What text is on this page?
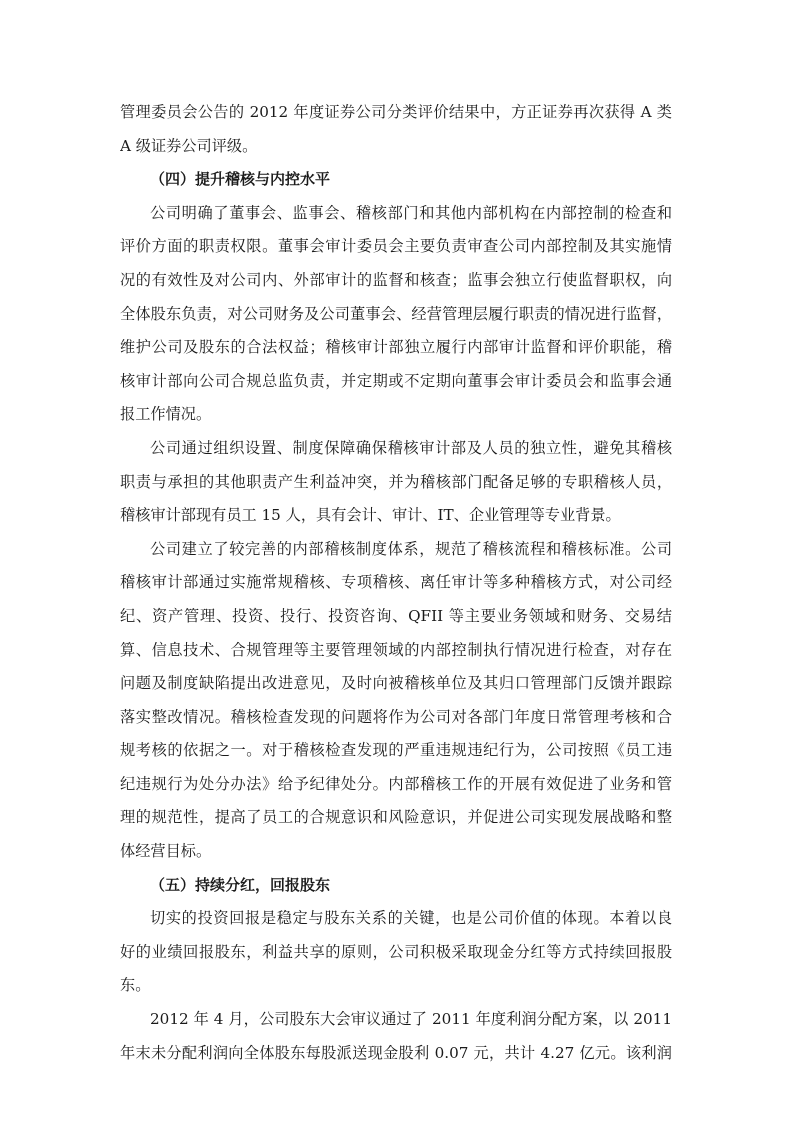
管理委员会公告的 2012 年度证券公司分类评价结果中，方正证券再次获得 A 类
A 级证券公司评级。
（四）提升稽核与内控水平
公司明确了董事会、监事会、稽核部门和其他内部机构在内部控制的检查和
评价方面的职责权限。董事会审计委员会主要负责审查公司内部控制及其实施情
况的有效性及对公司内、外部审计的监督和核查；监事会独立行使监督职权，向
全体股东负责，对公司财务及公司董事会、经营管理层履行职责的情况进行监督，
维护公司及股东的合法权益；稽核审计部独立履行内部审计监督和评价职能，稽
核审计部向公司合规总监负责，并定期或不定期向董事会审计委员会和监事会通
报工作情况。
公司通过组织设置、制度保障确保稽核审计部及人员的独立性，避免其稽核
职责与承担的其他职责产生利益冲突，并为稽核部门配备足够的专职稽核人员，
稽核审计部现有员工 15 人，具有会计、审计、IT、企业管理等专业背景。
公司建立了较完善的内部稽核制度体系，规范了稽核流程和稽核标准。公司
稽核审计部通过实施常规稽核、专项稽核、离任审计等多种稽核方式，对公司经
纪、资产管理、投资、投行、投资咨询、QFII 等主要业务领域和财务、交易结
算、信息技术、合规管理等主要管理领域的内部控制执行情况进行检查，对存在
问题及制度缺陷提出改进意见，及时向被稽核单位及其归口管理部门反馈并跟踪
落实整改情况。稽核检查发现的问题将作为公司对各部门年度日常管理考核和合
规考核的依据之一。对于稽核检查发现的严重违规违纪行为，公司按照《员工违
纪违规行为处分办法》给予纪律处分。内部稽核工作的开展有效促进了业务和管
理的规范性，提高了员工的合规意识和风险意识，并促进公司实现发展战略和整
体经营目标。
（五）持续分红，回报股东
切实的投资回报是稳定与股东关系的关键，也是公司价值的体现。本着以良
好的业绩回报股东，利益共享的原则，公司积极采取现金分红等方式持续回报股
东。
2012 年 4 月，公司股东大会审议通过了 2011 年度利润分配方案，以 2011
年末未分配利润向全体股东每股派送现金股利 0.07 元，共计 4.27 亿元。该利润
